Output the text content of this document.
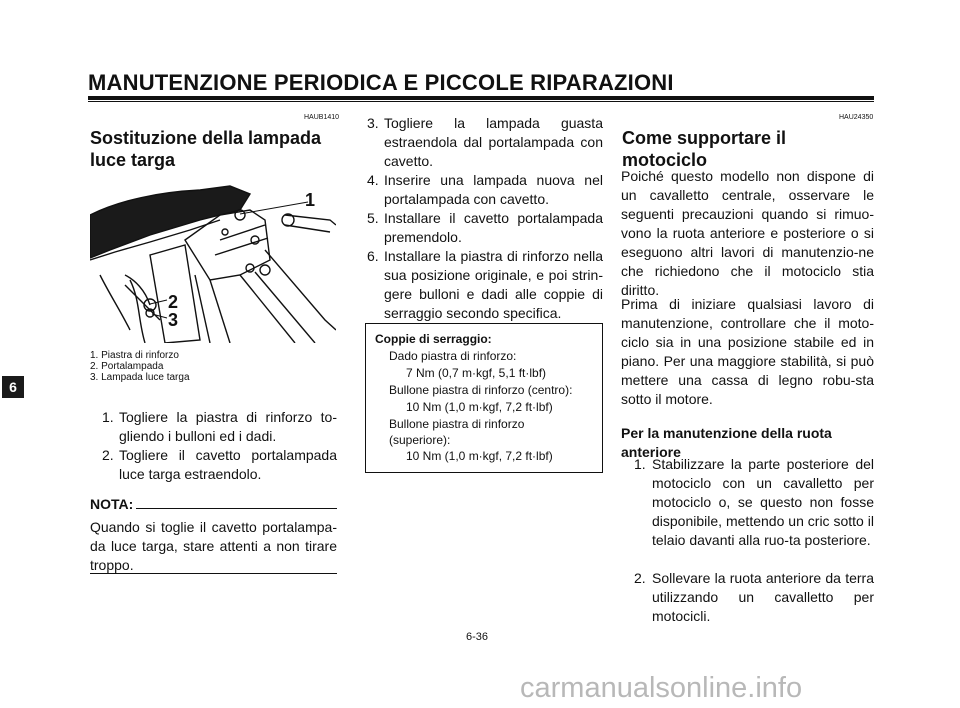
MANUTENZIONE PERIODICA E PICCOLE RIPARAZIONI
6
HAUB1410
Sostituzione della lampada
luce targa
1
2
3
1. Piastra di rinforzo
2. Portalampada
3. Lampada luce targa
1. Togliere la piastra di rinforzo to-gliendo i bulloni ed i dadi.
2. Togliere il cavetto portalampada luce targa estraendolo.
NOTA:
Quando si toglie il cavetto portalampa-da luce targa, stare attenti a non tirare troppo.
3. Togliere la lampada guasta estraendola dal portalampada con cavetto.
4. Inserire una lampada nuova nel portalampada con cavetto.
5. Installare il cavetto portalampada premendolo.
6. Installare la piastra di rinforzo nella sua posizione originale, e poi strin-gere bulloni e dadi alle coppie di serraggio secondo specifica.
Coppie di serraggio:
Dado piastra di rinforzo:
7 Nm (0,7 m·kgf, 5,1 ft·lbf)
Bullone piastra di rinforzo (centro):
10 Nm (1,0 m·kgf, 7,2 ft·lbf)
Bullone piastra di rinforzo
(superiore):
10 Nm (1,0 m·kgf, 7,2 ft·lbf)
HAU24350
Come supportare il
motociclo
Poiché questo modello non dispone di un cavalletto centrale, osservare le seguenti precauzioni quando si rimuo-vono la ruota anteriore e posteriore o si eseguono altri lavori di manutenzio-ne che richiedono che il motociclo stia diritto.
Prima di iniziare qualsiasi lavoro di manutenzione, controllare che il moto-ciclo sia in una posizione stabile ed in piano. Per una maggiore stabilità, si può mettere una cassa di legno robu-sta sotto il motore.
Per la manutenzione della ruota
anteriore
1. Stabilizzare la parte posteriore del motociclo con un cavalletto per motociclo o, se questo non fosse disponibile, mettendo un cric sotto il telaio davanti alla ruo-ta posteriore.
2. Sollevare la ruota anteriore da terra utilizzando un cavalletto per motocicli.
6-36
carmanualsonline.info
